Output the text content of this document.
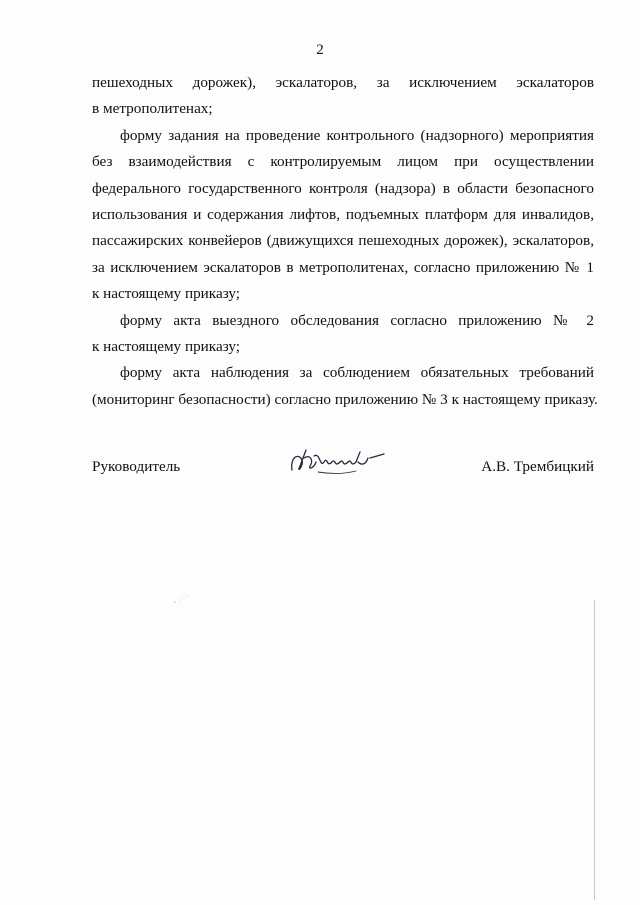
2

пешеходных дорожек), эскалаторов, за исключением эскалаторов
в метрополитенах;

форму задания на проведение контрольного (надзорного) мероприятия
без взаимодействия с контролируемым лицом при осуществлении
федерального государственного контроля (надзора) в области безопасного
использования и содержания лифтов, подъемных платформ для инвалидов,
пассажирских конвейеров (движущихся пешеходных дорожек), эскалаторов,
за исключением эскалаторов в метрополитенах, согласно приложению № 1
к настоящему приказу;

форму акта выездного обследования согласно приложению № 2
к настоящему приказу;

форму акта наблюдения за соблюдением обязательных требований
(мониторинг безопасности) согласно приложению № 3 к настоящему приказу.

Руководитель	А.В. Трембицкий
